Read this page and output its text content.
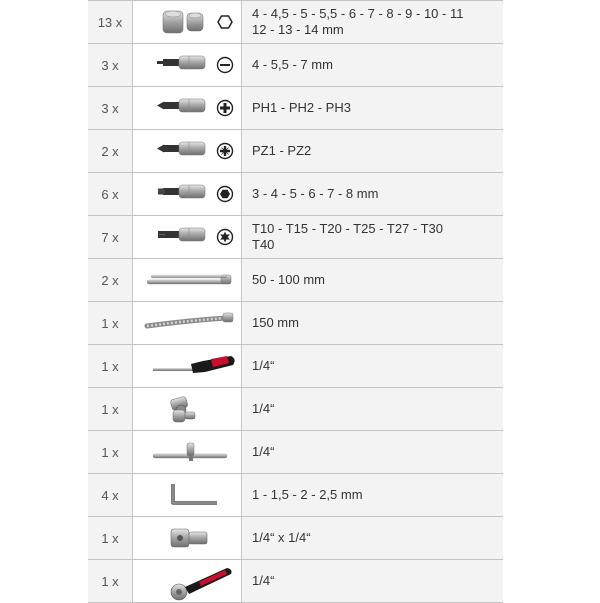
13 x		4 - 4,5 - 5 - 5,5 - 6 - 7 - 8 - 9 - 10 - 11
12 - 13 - 14 mm

3 x		4 - 5,5 - 7 mm

3 x		PH1 - PH2 - PH3

2 x		PZ1 - PZ2

6 x		3 - 4 - 5 - 6 - 7 - 8 mm

7 x		T10 - T15 - T20 - T25 - T27 - T30
T40

2 x		50 - 100 mm

1 x		150 mm

1 x		1/4“

1 x		1/4“

1 x		1/4“

4 x		1 - 1,5 - 2 - 2,5 mm

1 x		1/4“ x 1/4“

1 x		1/4“
